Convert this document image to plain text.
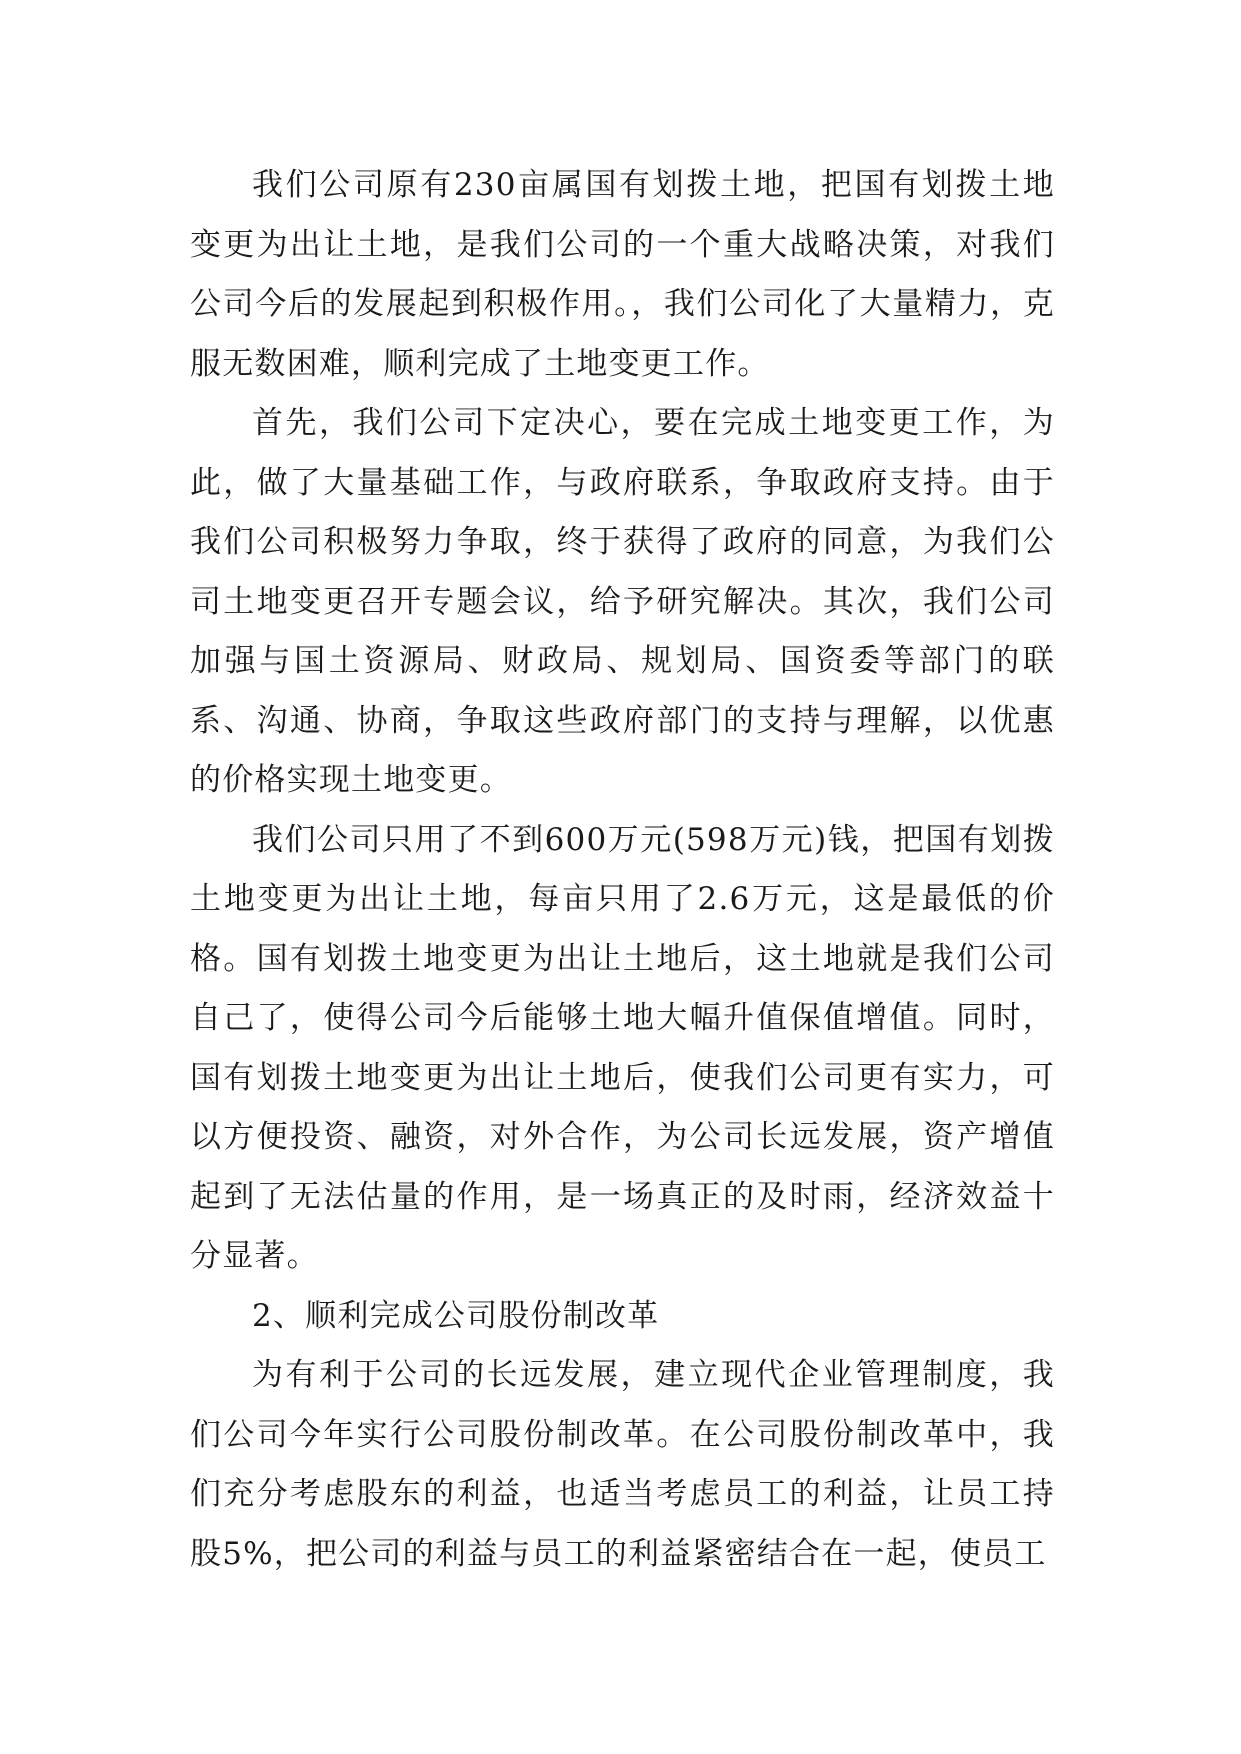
我们公司原有230亩属国有划拨土地，把国有划拨土地变更为出让土地，是我们公司的一个重大战略决策，对我们公司今后的发展起到积极作用。，我们公司化了大量精力，克服无数困难，顺利完成了土地变更工作。

首先，我们公司下定决心，要在完成土地变更工作，为此，做了大量基础工作，与政府联系，争取政府支持。由于我们公司积极努力争取，终于获得了政府的同意，为我们公司土地变更召开专题会议，给予研究解决。其次，我们公司加强与国土资源局、财政局、规划局、国资委等部门的联系、沟通、协商，争取这些政府部门的支持与理解，以优惠的价格实现土地变更。

我们公司只用了不到600万元(598万元)钱，把国有划拨土地变更为出让土地，每亩只用了2.6万元，这是最低的价格。国有划拨土地变更为出让土地后，这土地就是我们公司自己了，使得公司今后能够土地大幅升值保值增值。同时，国有划拨土地变更为出让土地后，使我们公司更有实力，可以方便投资、融资，对外合作，为公司长远发展，资产增值起到了无法估量的作用，是一场真正的及时雨，经济效益十分显著。

2、顺利完成公司股份制改革

为有利于公司的长远发展，建立现代企业管理制度，我们公司今年实行公司股份制改革。在公司股份制改革中，我们充分考虑股东的利益，也适当考虑员工的利益，让员工持股5%，把公司的利益与员工的利益紧密结合在一起，使员工
